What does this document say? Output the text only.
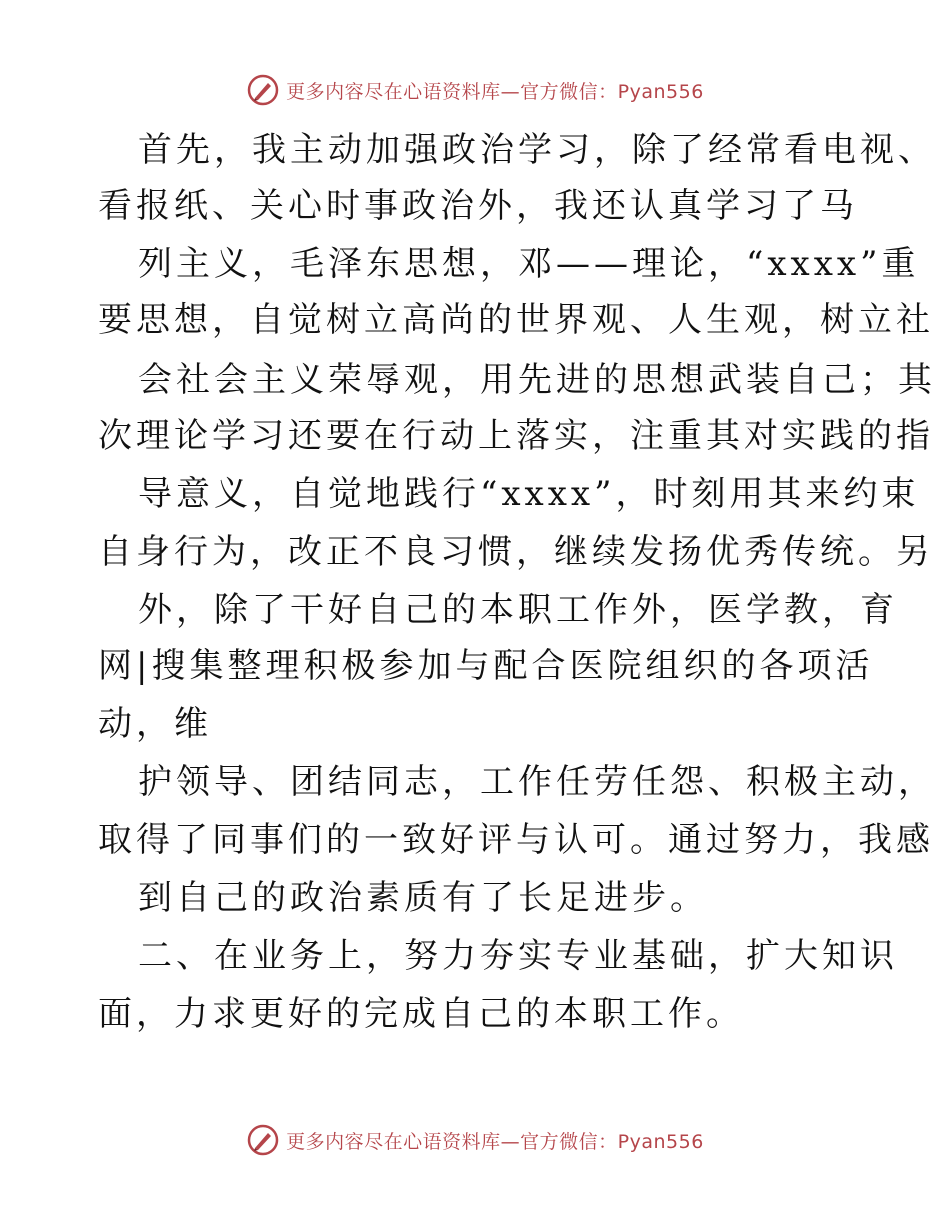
更多内容尽在心语资料库—官方微信：Pyan556
首先，我主动加强政治学习，除了经常看电视、
看报纸、关心时事政治外，我还认真学习了马
列主义，毛泽东思想，邓——理论，“xxxx”重
要思想，自觉树立高尚的世界观、人生观，树立社
会社会主义荣辱观，用先进的思想武装自己；其
次理论学习还要在行动上落实，注重其对实践的指
导意义，自觉地践行“xxxx”，时刻用其来约束
自身行为，改正不良习惯，继续发扬优秀传统。另
外，除了干好自己的本职工作外，医学教，育
网|搜集整理积极参加与配合医院组织的各项活
动，维
护领导、团结同志，工作任劳任怨、积极主动，
取得了同事们的一致好评与认可。通过努力，我感
到自己的政治素质有了长足进步。
二、在业务上，努力夯实专业基础，扩大知识
面，力求更好的完成自己的本职工作。
更多内容尽在心语资料库—官方微信：Pyan556
